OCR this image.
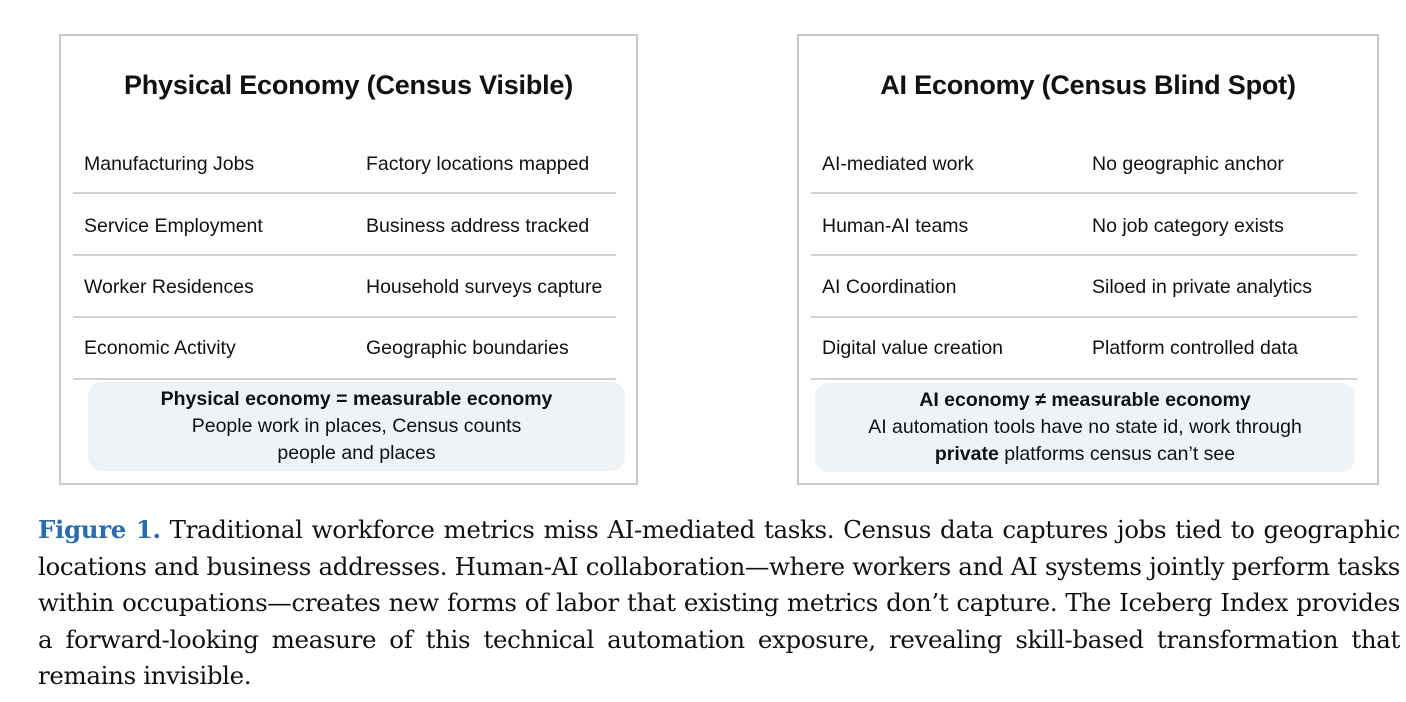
Physical Economy (Census Visible)
Manufacturing Jobs	Factory locations mapped
Service Employment	Business address tracked
Worker Residences	Household surveys capture
Economic Activity	Geographic boundaries
Physical economy = measurable economy
People work in places, Census counts
people and places
AI Economy (Census Blind Spot)
AI-mediated work	No geographic anchor
Human-AI teams	No job category exists
AI Coordination	Siloed in private analytics
Digital value creation	Platform controlled data
AI economy ≠ measurable economy
AI automation tools have no state id, work through
private platforms census can’t see
Figure 1. Traditional workforce metrics miss AI-mediated tasks. Census data captures jobs tied to geographic locations and business addresses. Human-AI collaboration—where workers and AI systems jointly perform tasks within occupations—creates new forms of labor that existing metrics don’t capture. The Iceberg Index provides a forward-looking measure of this technical automation exposure, revealing skill-based transformation that remains invisible.
